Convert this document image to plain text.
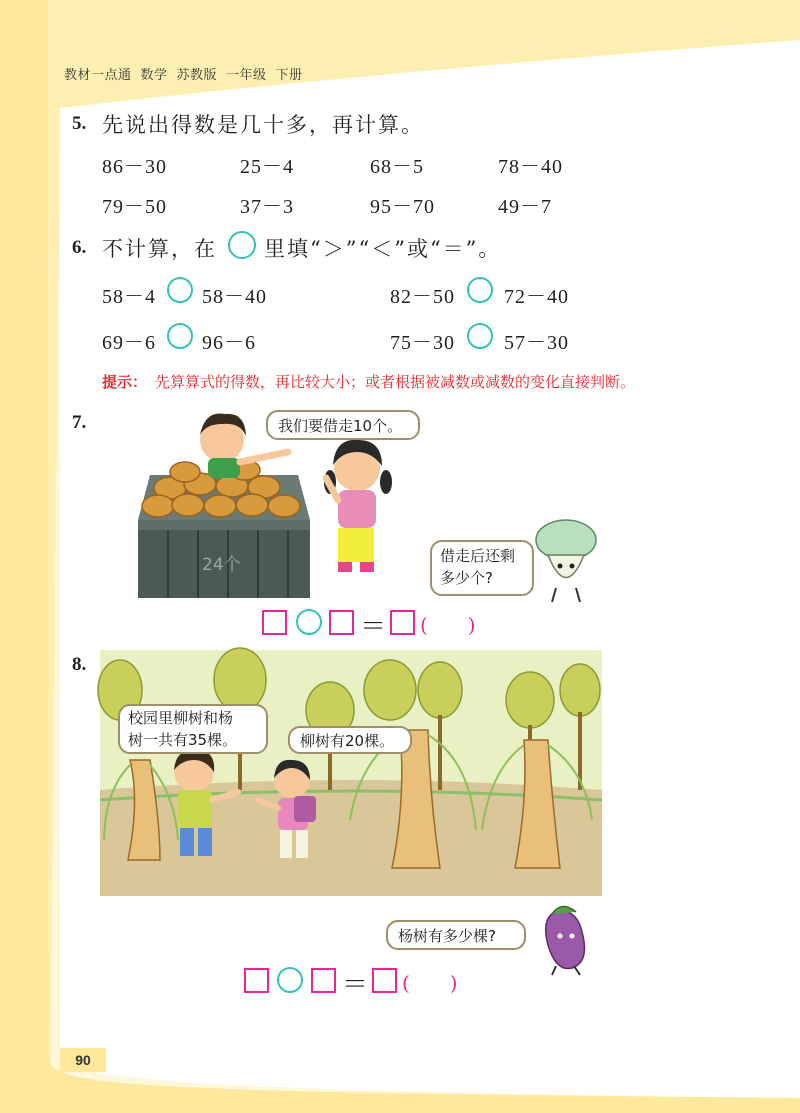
教材一点通 数学 苏教版 一年级 下册
5. 先说出得数是几十多，再计算。
86－30	25－4	68－5	78－40
79－50	37－3	95－70	49－7
6. 不计算，在 里填“＞”“＜”或“＝”。
58－4 58－40	82－50 72－40
69－6 96－6	75－30 57－30
提示： 先算算式的得数，再比较大小；或者根据被减数或减数的变化直接判断。
7.	我们要借走10个。
24个	借走后还剩
多少个?
＝ (　　)
8.
校园里柳树和杨
树一共有35棵。	柳树有20棵。
杨树有多少棵?
＝ (　　)
90
